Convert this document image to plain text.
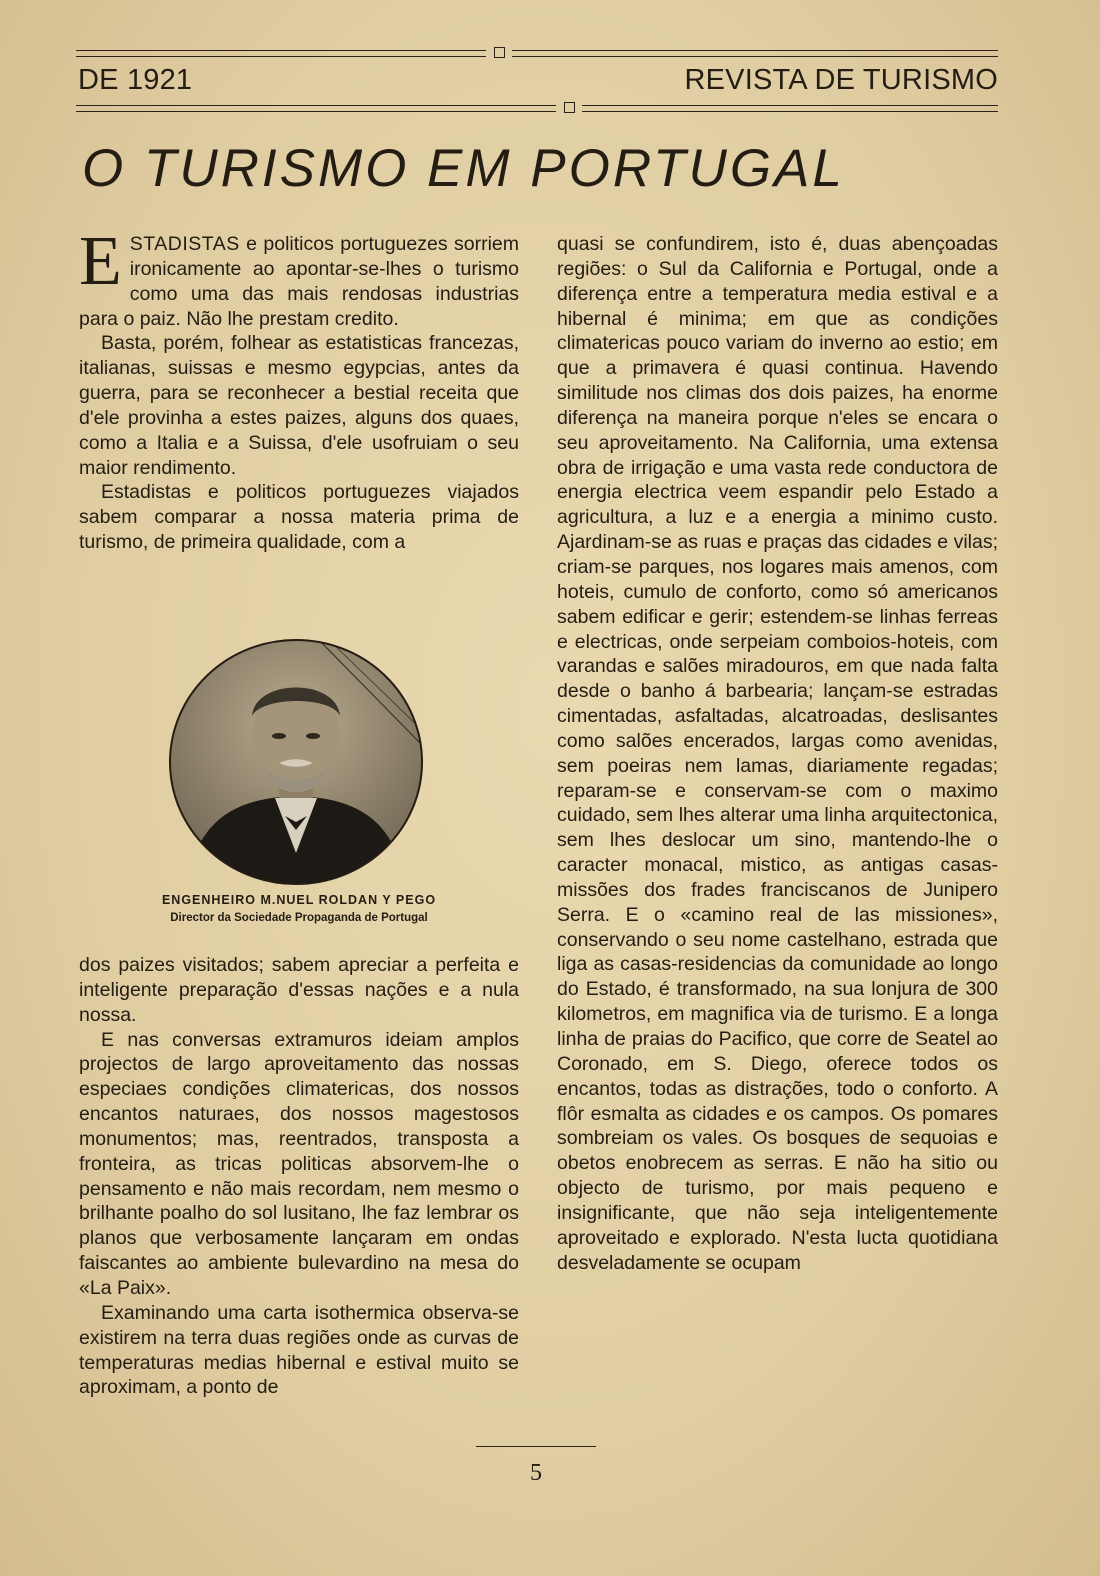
DE 1921	REVISTA DE TURISMO
O TURISMO EM PORTUGAL

ESTADISTAS e politicos portuguezes sorriem ironicamente ao apontar-se-lhes o turismo como uma das mais rendosas industrias para o paiz. Não lhe prestam credito.

Basta, porém, folhear as estatisticas francezas, italianas, suissas e mesmo egypcias, antes da guerra, para se reconhecer a bestial receita que d'ele provinha a estes paizes, alguns dos quaes, como a Italia e a Suissa, d'ele usofruiam o seu maior rendimento.

Estadistas e politicos portuguezes viajados sabem comparar a nossa materia prima de turismo, de primeira qualidade, com a

ENGENHEIRO M.NUEL ROLDAN Y PEGO
Director da Sociedade Propaganda de Portugal

dos paizes visitados; sabem apreciar a perfeita e inteligente preparação d'essas nações e a nula nossa.

E nas conversas extramuros ideiam amplos projectos de largo aproveitamento das nossas especiaes condições climatericas, dos nossos encantos naturaes, dos nossos magestosos monumentos; mas, reentrados, transposta a fronteira, as tricas politicas absorvem-lhe o pensamento e não mais recordam, nem mesmo o brilhante poalho do sol lusitano, lhe faz lembrar os planos que verbosamente lançaram em ondas faiscantes ao ambiente bulevardino na mesa do «La Paix».

Examinando uma carta isothermica observa-se existirem na terra duas regiões onde as curvas de temperaturas medias hibernal e estival muito se aproximam, a ponto de

quasi se confundirem, isto é, duas abençoadas regiões: o Sul da California e Portugal, onde a diferença entre a temperatura media estival e a hibernal é minima; em que as condições climatericas pouco variam do inverno ao estio; em que a primavera é quasi continua. Havendo similitude nos climas dos dois paizes, ha enorme diferença na maneira porque n'eles se encara o seu aproveitamento. Na California, uma extensa obra de irrigação e uma vasta rede conductora de energia electrica veem espandir pelo Estado a agricultura, a luz e a energia a minimo custo. Ajardinam-se as ruas e praças das cidades e vilas; criam-se parques, nos logares mais amenos, com hoteis, cumulo de conforto, como só americanos sabem edificar e gerir; estendem-se linhas ferreas e electricas, onde serpeiam comboios-hoteis, com varandas e salões miradouros, em que nada falta desde o banho á barbearia; lançam-se estradas cimentadas, asfaltadas, alcatroadas, deslisantes como salões encerados, largas como avenidas, sem poeiras nem lamas, diariamente regadas; reparam-se e conservam-se com o maximo cuidado, sem lhes alterar uma linha arquitectonica, sem lhes deslocar um sino, mantendo-lhe o caracter monacal, mistico, as antigas casas-missões dos frades franciscanos de Junipero Serra. E o «camino real de las missiones», conservando o seu nome castelhano, estrada que liga as casas-residencias da comunidade ao longo do Estado, é transformado, na sua lonjura de 300 kilometros, em magnifica via de turismo. E a longa linha de praias do Pacifico, que corre de Seatel ao Coronado, em S. Diego, oferece todos os encantos, todas as distrações, todo o conforto. A flôr esmalta as cidades e os campos. Os pomares sombreiam os vales. Os bosques de sequoias e obetos enobrecem as serras. E não ha sitio ou objecto de turismo, por mais pequeno e insignificante, que não seja inteligentemente aproveitado e explorado. N'esta lucta quotidiana desveladamente se ocupam

5
